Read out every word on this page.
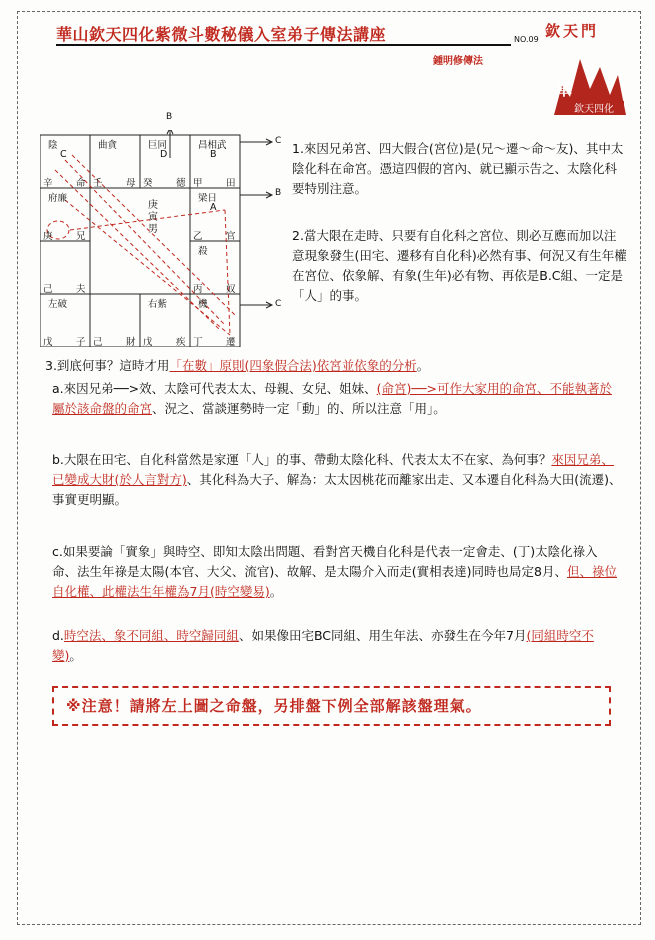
華山欽天四化紫微斗數秘儀入室弟子傳法講座	NO.09 欽天門
鍾明修傳法
華
欽天四化
B
C
B
C
陰
C
辛 命
曲貪
壬 母
巨同
D
癸 德
昌相武
B
甲 田
府廉
庚 兄
梁日
A
乙 官
己 夫
殺
丙 奴
左破
戊 子 己 財
右紫
戊 疾
機
丁 遷
庚
寅
男
1.來因兄弟宮、四大假合(宮位)是(兄～遷～命～友)、其中太陰化科在命宮。憑這四假的宮內、就已顯示告之、太陰化科要特別注意。
2.當大限在走時、只要有自化科之宮位、則必互應而加以注意現象發生(田宅、遷移有自化科)必然有事、何況又有生年權在宮位、依象解、有象(生年)必有物、再依是B.C組、一定是「人」的事。
3.到底何事？這時才用「在數」原則(四象假合法)依宮並依象的分析。
a.來因兄弟──>效、太陰可代表太太、母親、女兒、姐妹、(命宮)──>可作大家用的命宮、不能執著於屬於該命盤的命宮、況之、當談運勢時一定「動」的、所以注意「用」。
b.大限在田宅、自化科當然是家運「人」的事、帶動太陰化科、代表太太不在家、為何事？來因兄弟、已變成大財(於人言對方)、其化科為大子、解為：太太因桃花而離家出走、又本遷自化科為大田(流遷)、事實更明顯。
c.如果要論「實象」與時空、即知太陰出問題、看對宮天機自化科是代表一定會走、(丁)太陰化祿入命、法生年祿是太陽(本官、大父、流官)、故解、是太陽介入而走(實相表達)同時也局定8月、但、祿位自化權、此權法生年權為7月(時空變易)。
d.時空法、象不同組、時空歸同組、如果像田宅BC同組、用生年法、亦發生在今年7月(同組時空不變)。
※注意！請將左上圖之命盤，另排盤下例全部解該盤理氣。
